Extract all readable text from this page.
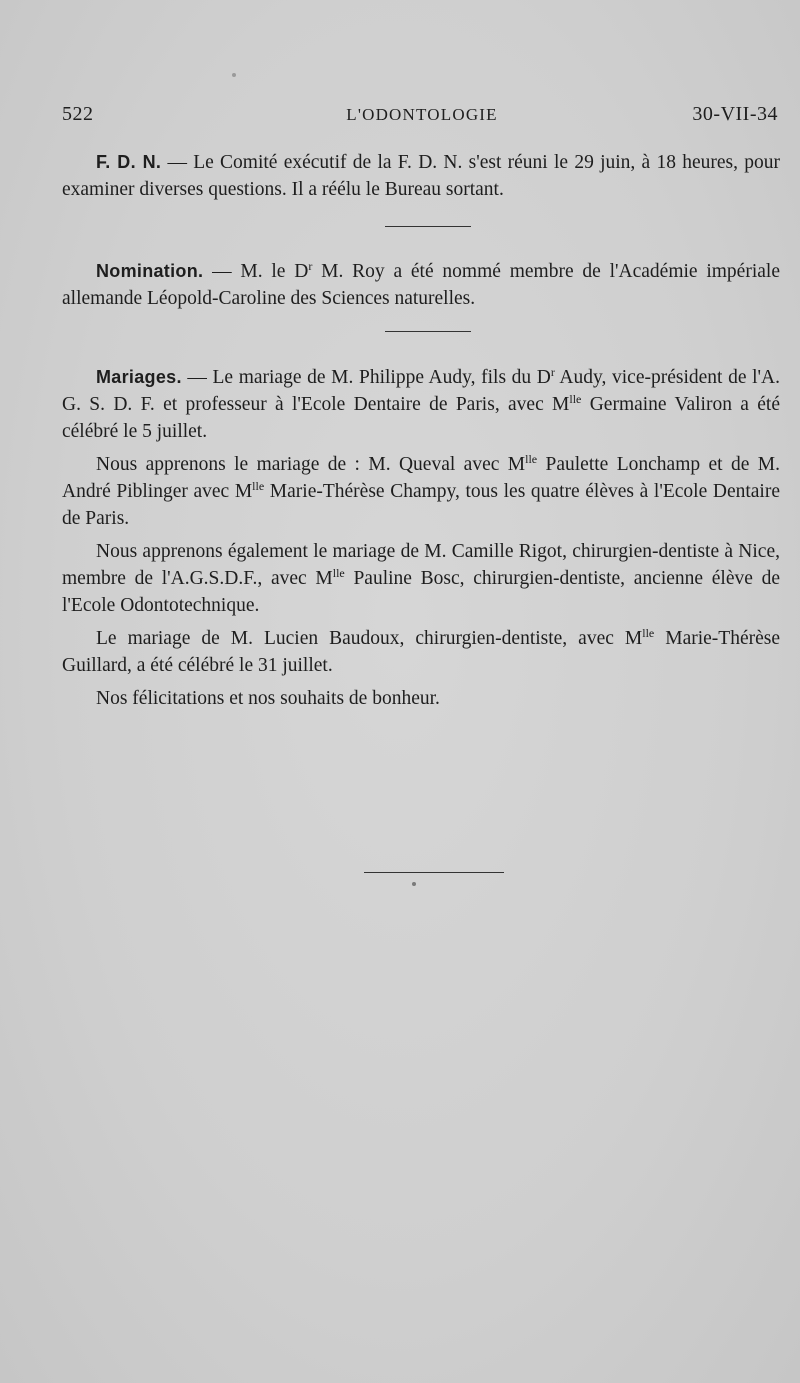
522	L'ODONTOLOGIE	30-VII-34

F. D. N. — Le Comité exécutif de la F. D. N. s'est réuni le 29 juin, à 18 heures, pour examiner diverses questions. Il a réélu le Bureau sortant.

Nomination. — M. le $D^r$ M. Roy a été nommé membre de l'Académie impériale allemande Léopold-Caroline des Sciences naturelles.

Mariages. — Le mariage de M. Philippe Audy, fils du $D^r$ Audy, vice-président de l'A. G. S. D. F. et professeur à l'Ecole Dentaire de Paris, avec $M^{lle}$ Germaine Valiron a été célébré le 5 juillet.

Nous apprenons le mariage de : M. Queval avec $M^{lle}$ Paulette Lonchamp et de M. André Piblinger avec $M^{lle}$ Marie-Thérèse Champy, tous les quatre élèves à l'Ecole Dentaire de Paris.

Nous apprenons également le mariage de M. Camille Rigot, chirurgien-dentiste à Nice, membre de l'A.G.S.D.F., avec $M^{lle}$ Pauline Bosc, chirurgien-dentiste, ancienne élève de l'Ecole Odontotechnique.

Le mariage de M. Lucien Baudoux, chirurgien-dentiste, avec $M^{lle}$ Marie-Thérèse Guillard, a été célébré le 31 juillet.

Nos félicitations et nos souhaits de bonheur.
